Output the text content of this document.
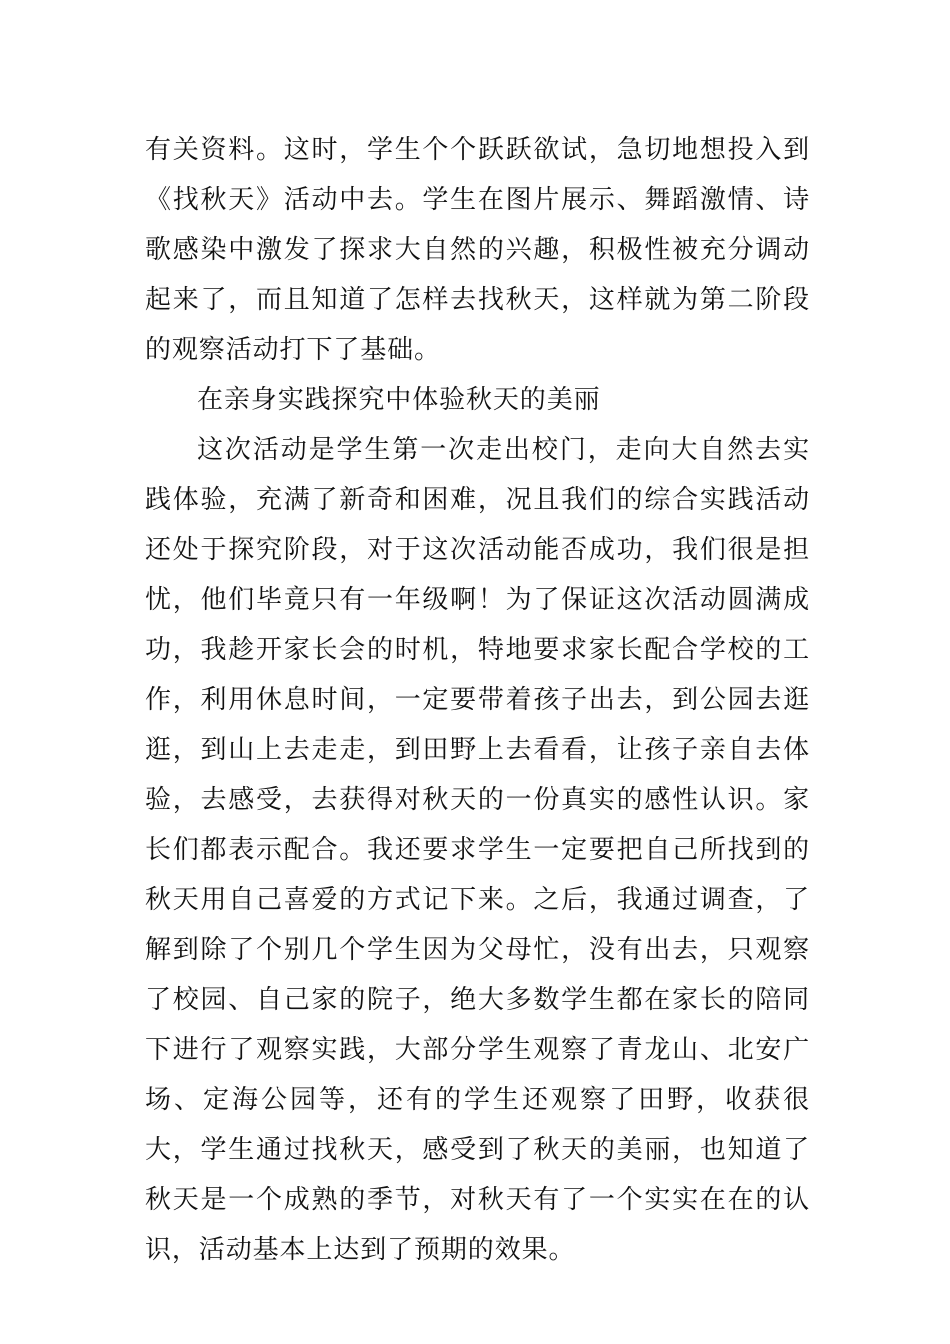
有关资料。这时，学生个个跃跃欲试，急切地想投入到《找秋天》活动中去。学生在图片展示、舞蹈激情、诗歌感染中激发了探求大自然的兴趣，积极性被充分调动起来了，而且知道了怎样去找秋天，这样就为第二阶段的观察活动打下了基础。

在亲身实践探究中体验秋天的美丽

这次活动是学生第一次走出校门，走向大自然去实践体验，充满了新奇和困难，况且我们的综合实践活动还处于探究阶段，对于这次活动能否成功，我们很是担忧，他们毕竟只有一年级啊！为了保证这次活动圆满成功，我趁开家长会的时机，特地要求家长配合学校的工作，利用休息时间，一定要带着孩子出去，到公园去逛逛，到山上去走走，到田野上去看看，让孩子亲自去体验，去感受，去获得对秋天的一份真实的感性认识。家长们都表示配合。我还要求学生一定要把自己所找到的秋天用自己喜爱的方式记下来。之后，我通过调查，了解到除了个别几个学生因为父母忙，没有出去，只观察了校园、自己家的院子，绝大多数学生都在家长的陪同下进行了观察实践，大部分学生观察了青龙山、北安广场、定海公园等，还有的学生还观察了田野，收获很大，学生通过找秋天，感受到了秋天的美丽，也知道了秋天是一个成熟的季节，对秋天有了一个实实在在的认识，活动基本上达到了预期的效果。
